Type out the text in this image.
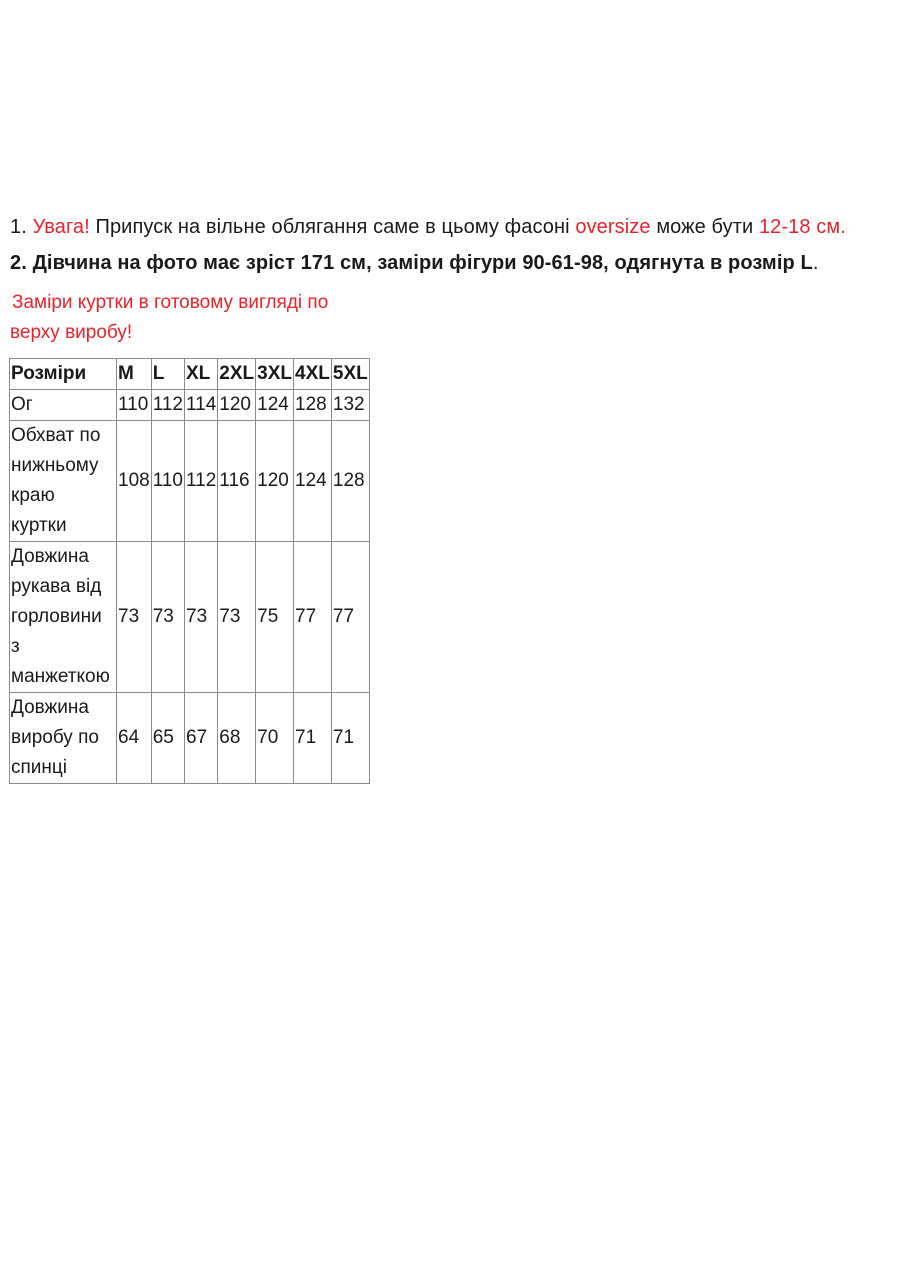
1. Увага! Припуск на вільне облягання саме в цьому фасоні oversize може бути 12-18 см.
2. Дівчина на фото має зріст 171 см, заміри фігури 90-61-98, одягнута в розмір L.
Заміри куртки в готовому вигляді по
верху виробу!
Розміри	M	L	XL	2XL	3XL	4XL	5XL
Ог	110	112	114	120	124	128	132
Обхват по нижньому краю куртки	108	110	112	116	120	124	128
Довжина рукава від горловини з манжеткою	73	73	73	73	75	77	77
Довжина виробу по спинці	64	65	67	68	70	71	71
